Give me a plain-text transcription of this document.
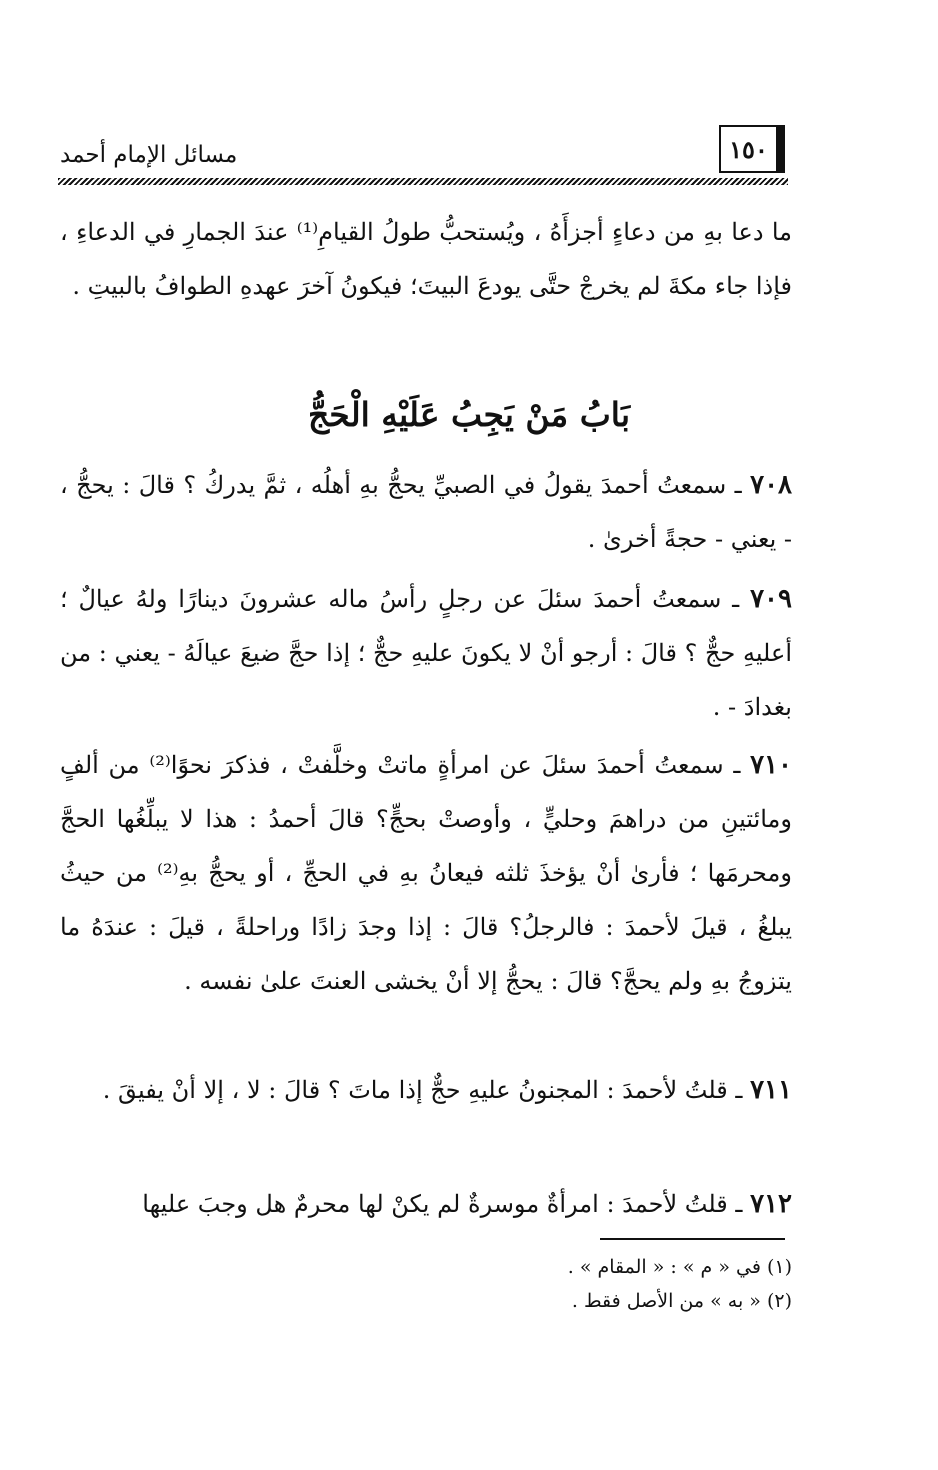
مسائل الإمام أحمد	١٥٠
ما دعا بهِ من دعاءٍ أجزأَهُ ، ويُستحبُّ طولُ القيامِ⁽¹⁾ عندَ الجمارِ في الدعاءِ ، فإذا جاء مكةَ لم يخرجْ حتَّى يودعَ البيتَ؛ فيكونُ آخرَ عهدهِ الطوافُ بالبيتِ .
بَابُ مَنْ يَجِبُ عَلَيْهِ الْحَجُّ
٧٠٨ ـ سمعتُ أحمدَ يقولُ في الصبيِّ يحجُّ بهِ أهلُه ، ثمَّ يدركُ ؟ قالَ : يحجُّ ، - يعني - حجةً أخرىٰ .
٧٠٩ ـ سمعتُ أحمدَ سئلَ عن رجلٍ رأسُ ماله عشرونَ دينارًا ولهُ عيالٌ ؛ أعليهِ حجٌّ ؟ قالَ : أرجو أنْ لا يكونَ عليهِ حجٌّ ؛ إذا حجَّ ضيعَ عيالَهُ - يعني : من بغدادَ - .
٧١٠ ـ سمعتُ أحمدَ سئلَ عن امرأةٍ ماتتْ وخلَّفتْ ، فذكرَ نحوًا⁽²⁾ من ألفٍ ومائتينِ من دراهمَ وحليٍّ ، وأوصتْ بحجٍّ؟ قالَ أحمدُ : هذا لا يبلِّغُها الحجَّ ومحرمَها ؛ فأرىٰ أنْ يؤخذَ ثلثه فيعانُ بهِ في الحجِّ ، أو يحجُّ بهِ⁽²⁾ من حيثُ يبلغُ ، قيلَ لأحمدَ : فالرجلُ؟ قالَ : إذا وجدَ زادًا وراحلةً ، قيلَ : عندَهُ ما يتزوجُ بهِ ولم يحجَّ؟ قالَ : يحجُّ إلا أنْ يخشى العنتَ علىٰ نفسه .
٧١١ ـ قلتُ لأحمدَ : المجنونُ عليهِ حجٌّ إذا ماتَ ؟ قالَ : لا ، إلا أنْ يفيقَ .
٧١٢ ـ قلتُ لأحمدَ : امرأةٌ موسرةٌ لم يكنْ لها محرمٌ هل وجبَ عليها
(١) في « م » : « المقام » .
(٢) « به » من الأصل فقط .
